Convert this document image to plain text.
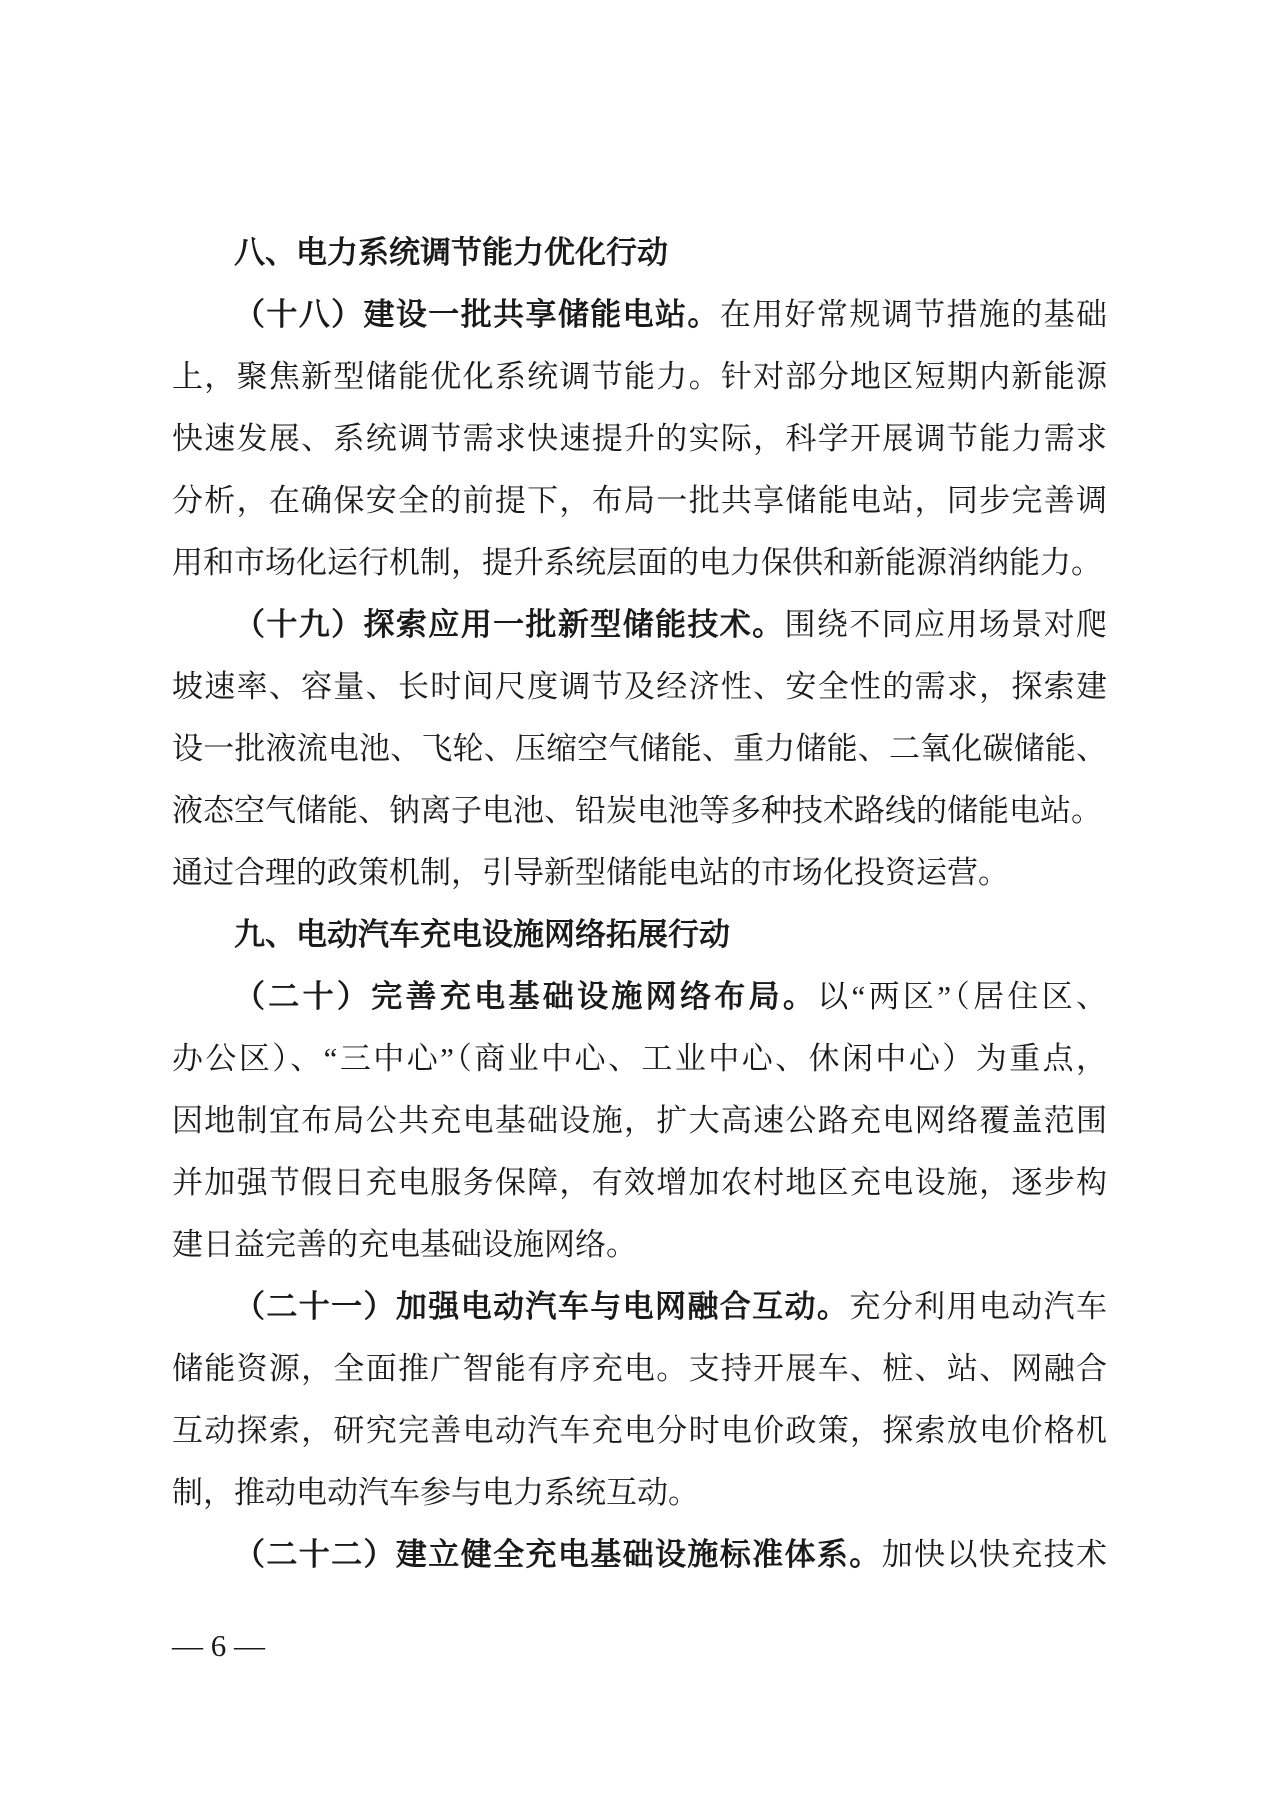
八、电力系统调节能力优化行动
（十八）建设一批共享储能电站。在用好常规调节措施的基础
上，聚焦新型储能优化系统调节能力。针对部分地区短期内新能源
快速发展、系统调节需求快速提升的实际，科学开展调节能力需求
分析，在确保安全的前提下，布局一批共享储能电站，同步完善调
用和市场化运行机制，提升系统层面的电力保供和新能源消纳能力。
（十九）探索应用一批新型储能技术。围绕不同应用场景对爬
坡速率、容量、长时间尺度调节及经济性、安全性的需求，探索建
设一批液流电池、飞轮、压缩空气储能、重力储能、二氧化碳储能、
液态空气储能、钠离子电池、铅炭电池等多种技术路线的储能电站。
通过合理的政策机制，引导新型储能电站的市场化投资运营。
九、电动汽车充电设施网络拓展行动
（二十）完善充电基础设施网络布局。以“两区”（居住区、
办公区）、“三中心”（商业中心、工业中心、休闲中心）为重点，
因地制宜布局公共充电基础设施，扩大高速公路充电网络覆盖范围
并加强节假日充电服务保障，有效增加农村地区充电设施，逐步构
建日益完善的充电基础设施网络。
（二十一）加强电动汽车与电网融合互动。充分利用电动汽车
储能资源，全面推广智能有序充电。支持开展车、桩、站、网融合
互动探索，研究完善电动汽车充电分时电价政策，探索放电价格机
制，推动电动汽车参与电力系统互动。
（二十二）建立健全充电基础设施标准体系。加快以快充技术
— 6 —
